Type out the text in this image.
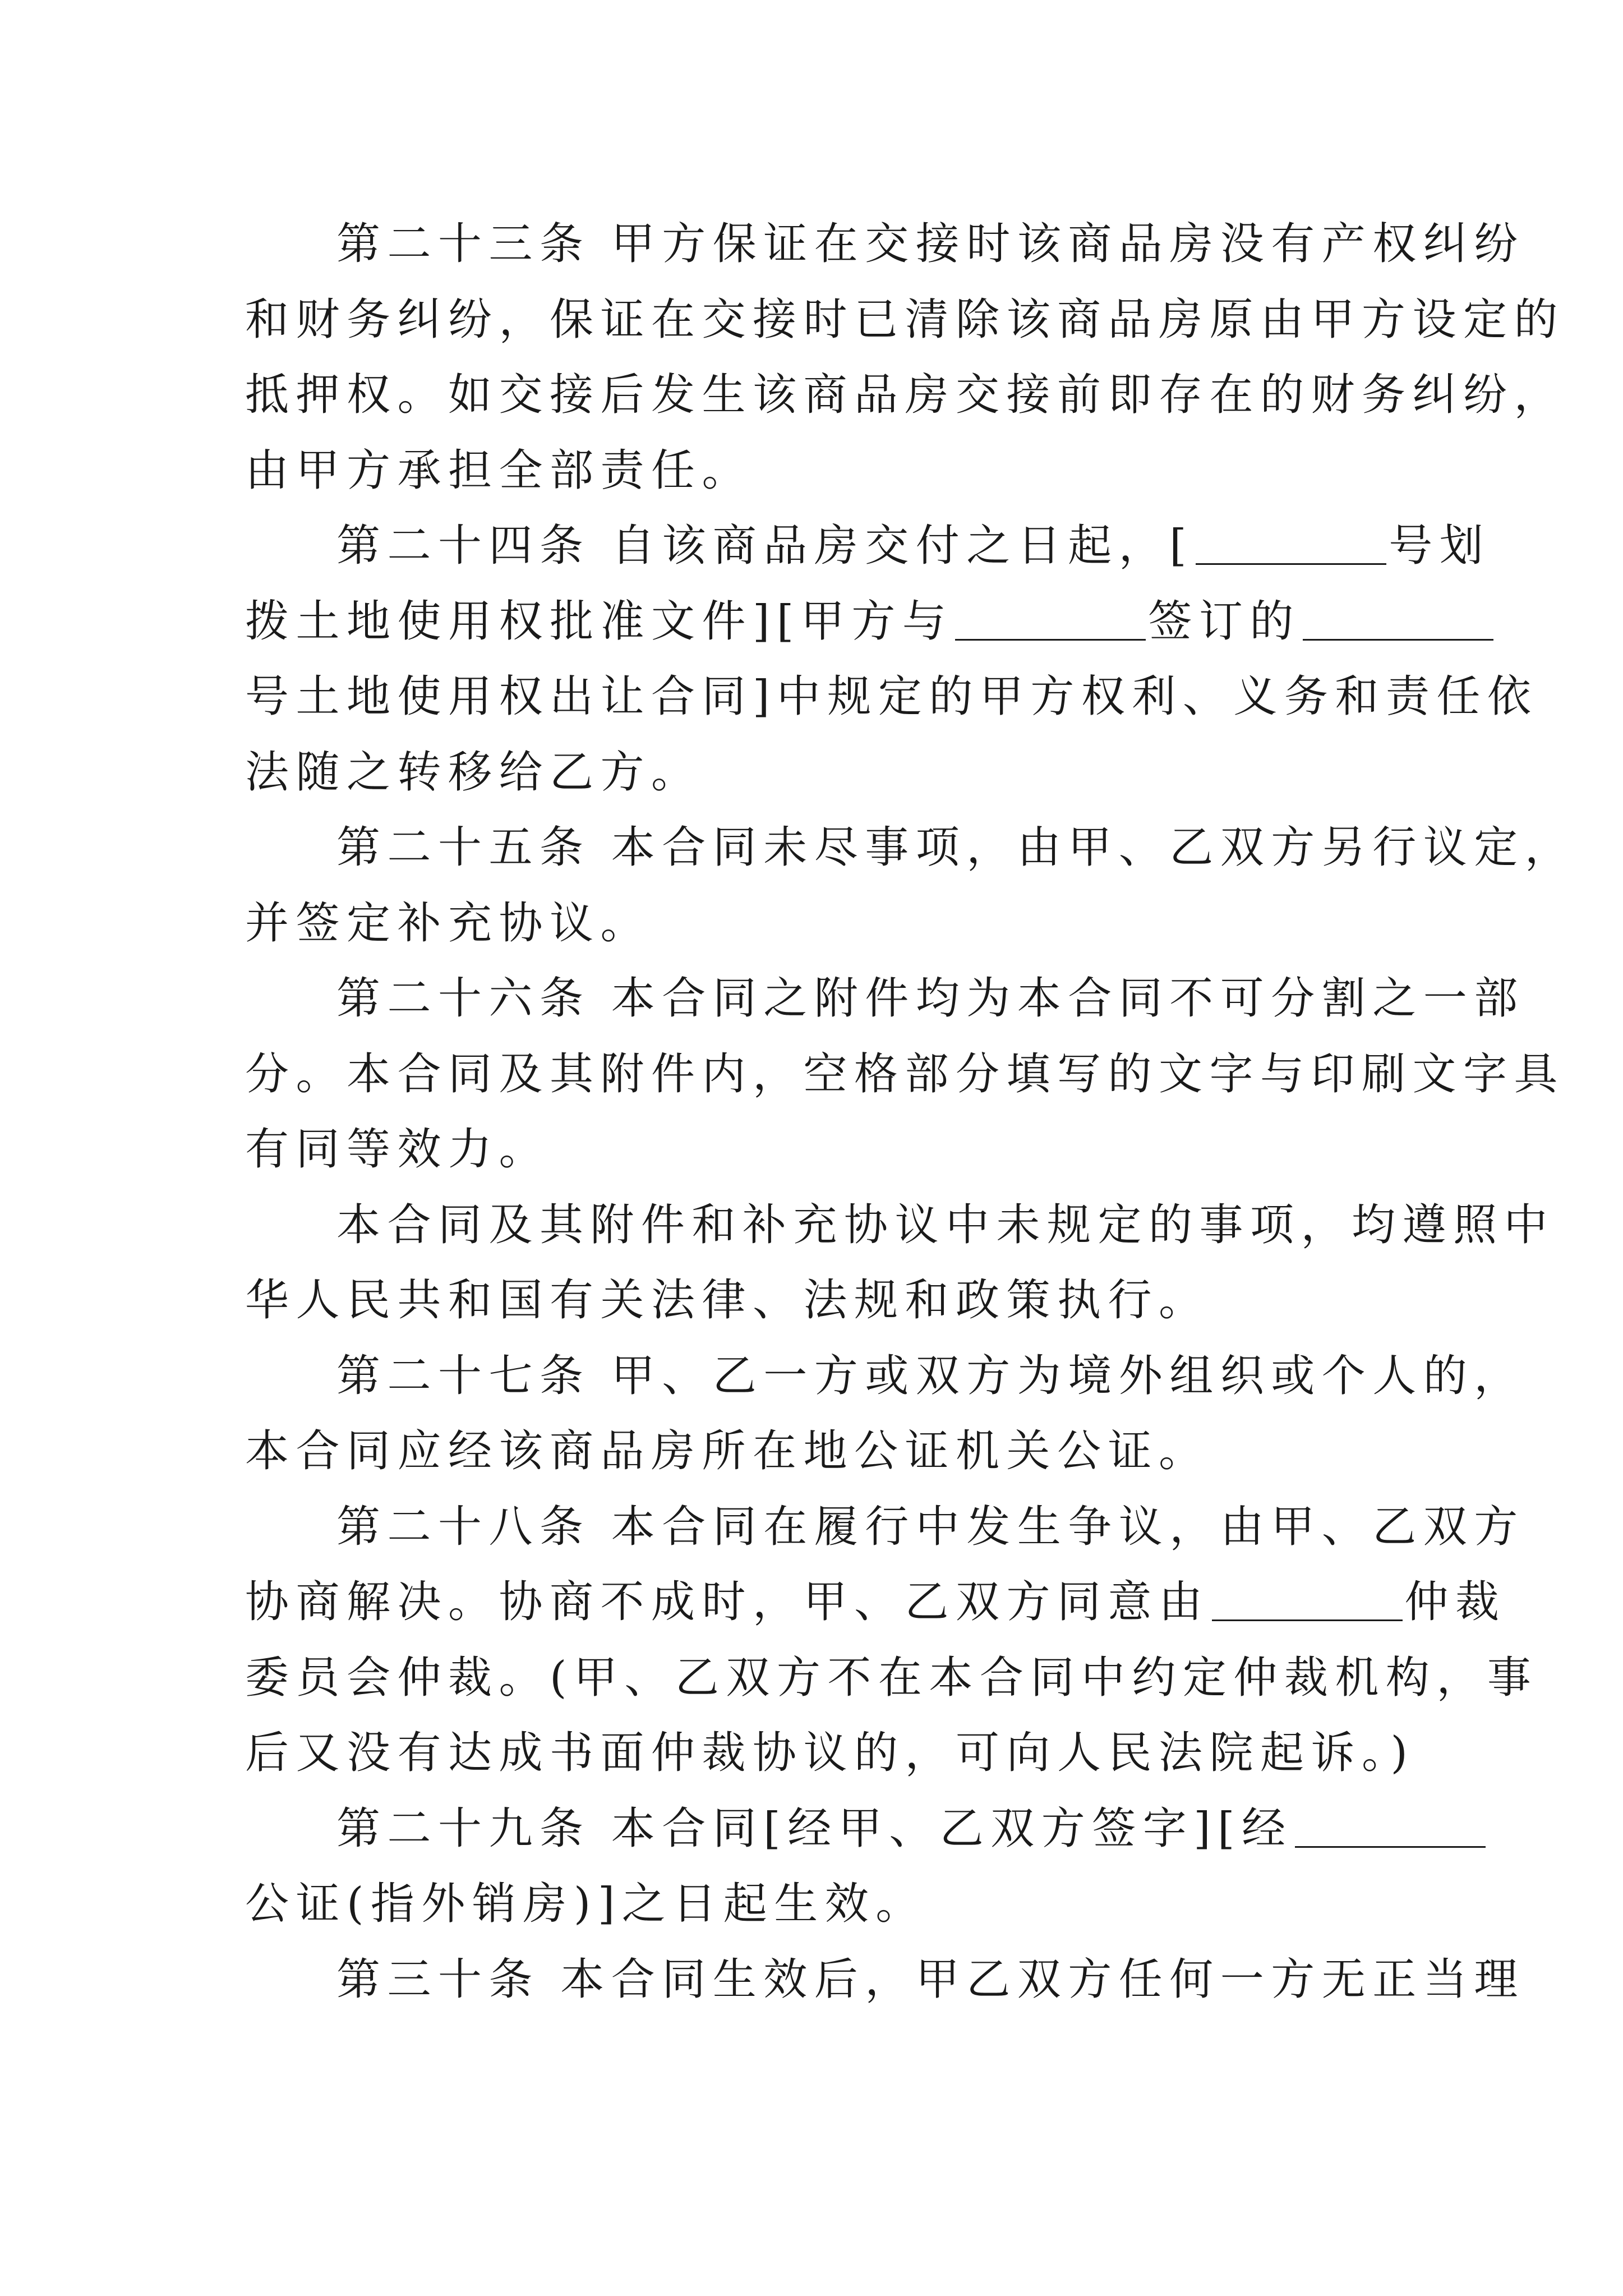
第二十三条 甲方保证在交接时该商品房没有产权纠纷
和财务纠纷，保证在交接时已清除该商品房原由甲方设定的
抵押权。如交接后发生该商品房交接前即存在的财务纠纷，
由甲方承担全部责任。
第二十四条 自该商品房交付之日起，[	号划
拨土地使用权批准文件][甲方与	签订的
号土地使用权出让合同]中规定的甲方权利、义务和责任依
法随之转移给乙方。
第二十五条 本合同未尽事项，由甲、乙双方另行议定，
并签定补充协议。
第二十六条 本合同之附件均为本合同不可分割之一部
分。本合同及其附件内，空格部分填写的文字与印刷文字具
有同等效力。
本合同及其附件和补充协议中未规定的事项，均遵照中
华人民共和国有关法律、法规和政策执行。
第二十七条 甲、乙一方或双方为境外组织或个人的，
本合同应经该商品房所在地公证机关公证。
第二十八条 本合同在履行中发生争议，由甲、乙双方
协商解决。协商不成时，甲、乙双方同意由	仲裁
委员会仲裁。(甲、乙双方不在本合同中约定仲裁机构，事
后又没有达成书面仲裁协议的，可向人民法院起诉。)
第二十九条 本合同[经甲、乙双方签字][经
公证(指外销房)]之日起生效。
第三十条 本合同生效后，甲乙双方任何一方无正当理
